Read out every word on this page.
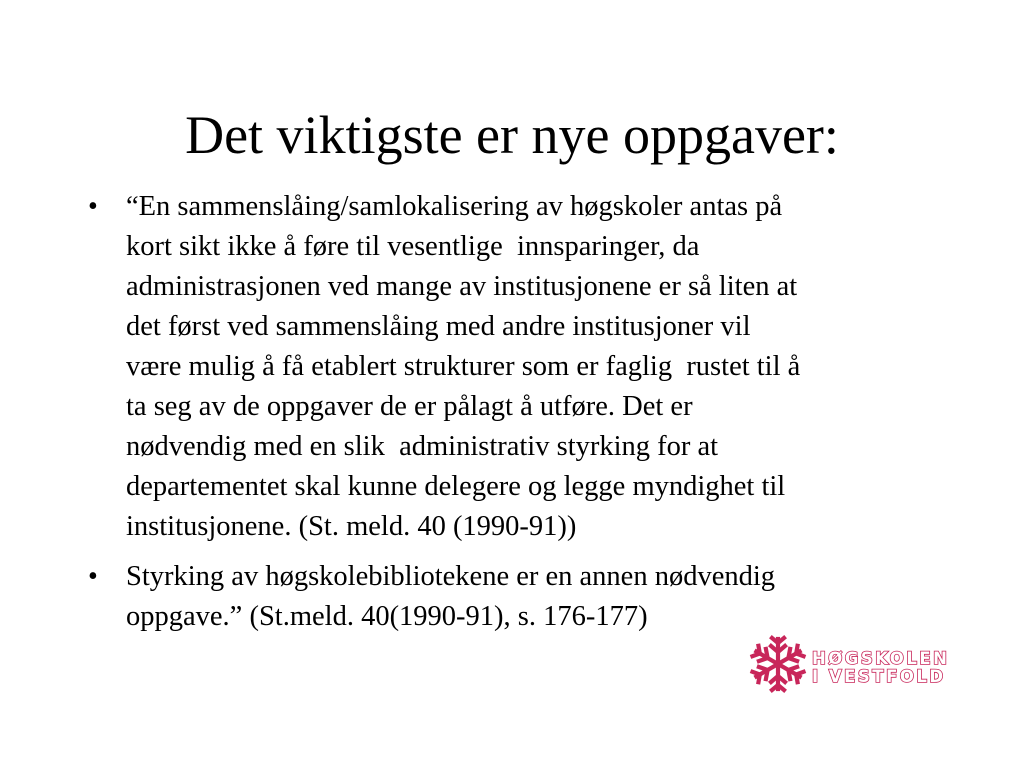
Det viktigste er nye oppgaver:
• “En sammenslåing/samlokalisering av høgskoler antas på
kort sikt ikke å føre til vesentlige  innsparinger, da
administrasjonen ved mange av institusjonene er så liten at
det først ved sammenslåing med andre institusjoner vil
være mulig å få etablert strukturer som er faglig  rustet til å
ta seg av de oppgaver de er pålagt å utføre. Det er
nødvendig med en slik  administrativ styrking for at
departementet skal kunne delegere og legge myndighet til
institusjonene. (St. meld. 40 (1990-91))
• Styrking av høgskolebibliotekene er en annen nødvendig
oppgave.” (St.meld. 40(1990-91), s. 176-177)
HØGSKOLEN
I VESTFOLD
